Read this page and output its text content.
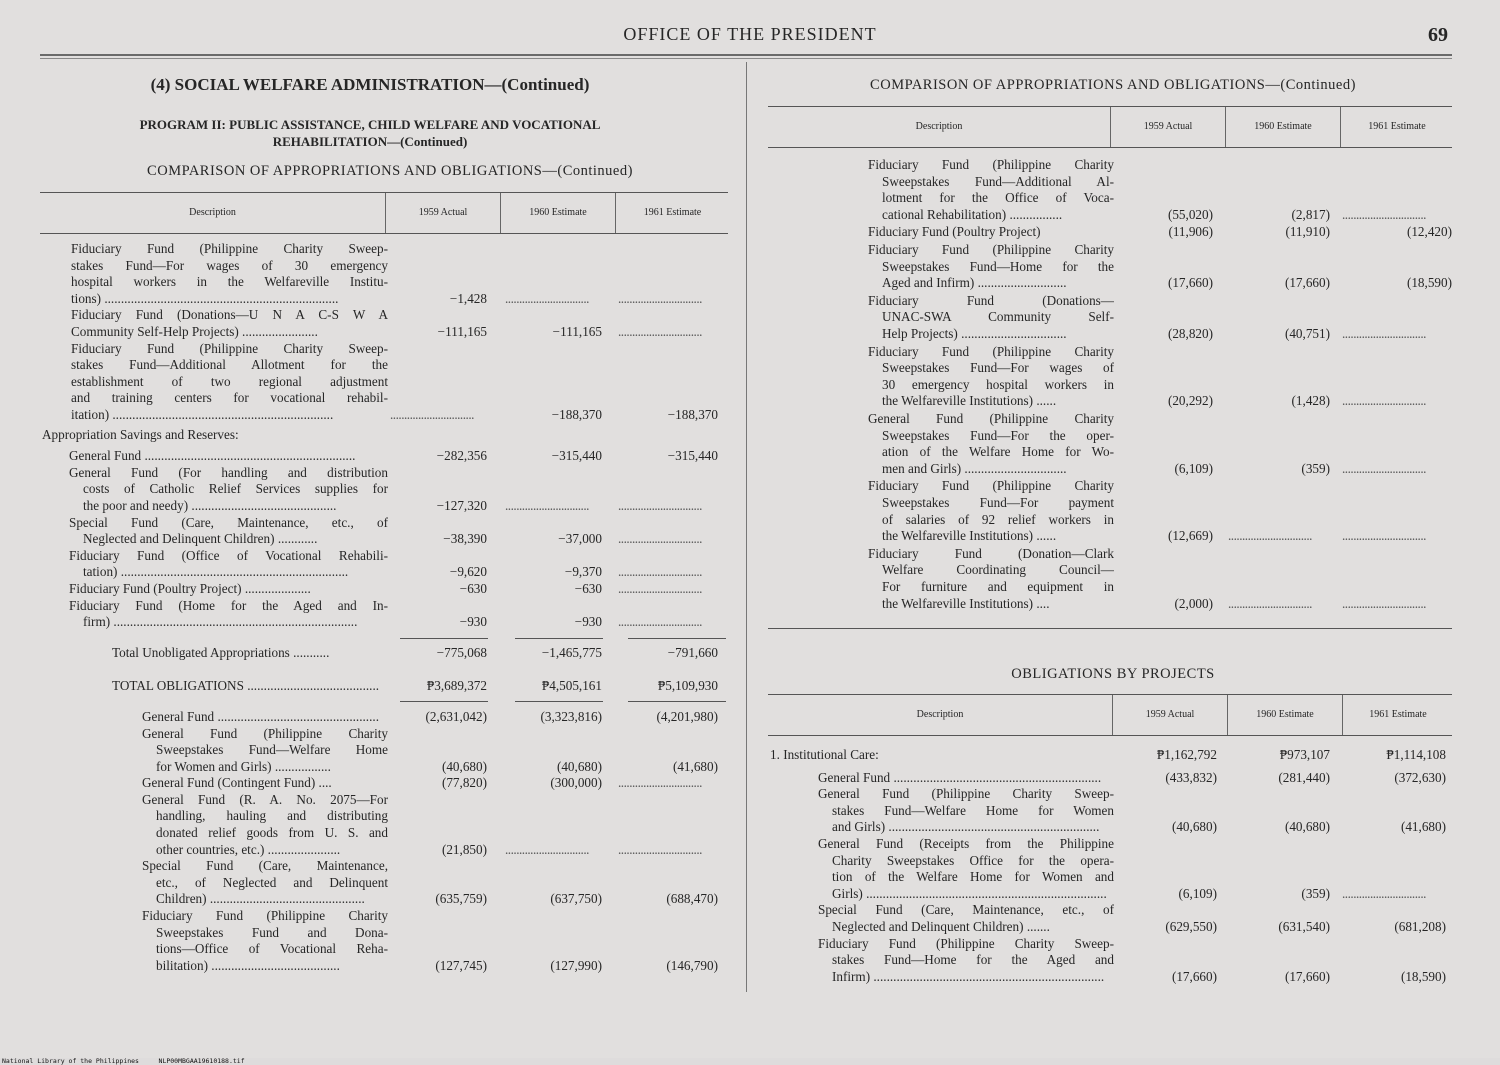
OFFICE OF THE PRESIDENT	69
(4) SOCIAL WELFARE ADMINISTRATION—(Continued)
PROGRAM II: PUBLIC ASSISTANCE, CHILD WELFARE AND VOCATIONAL
REHABILITATION—(Continued)
COMPARISON OF APPROPRIATIONS AND OBLIGATIONS—(Continued)
Description	1959 Actual	1960 Estimate	1961 Estimate
Fiduciary Fund (Philippine Charity Sweep-
stakes Fund—For wages of 30 emergency
hospital workers in the Welfareville Institu-
tions) .......................................................................	−1,428 ..............................	..............................
Fiduciary Fund (Donations—U N A C-S W A
Community Self-Help Projects) .......................	−111,165	−111,165 ..............................
Fiduciary Fund (Philippine Charity Sweep-
stakes Fund—Additional Allotment for the
establishment of two regional adjustment
and training centers for vocational rehabil-
itation) ...................................................................	..............................	−188,370	−188,370
Appropriation Savings and Reserves:
General Fund ................................................................	−282,356	−315,440	−315,440
General Fund (For handling and distribution
costs of Catholic Relief Services supplies for
the poor and needy) ............................................	−127,320 ..............................	..............................
Special Fund (Care, Maintenance, etc., of
Neglected and Delinquent Children) ............	−38,390	−37,000 ..............................
Fiduciary Fund (Office of Vocational Rehabili-
tation) .....................................................................	−9,620	−9,370 ..............................
Fiduciary Fund (Poultry Project) ....................	−630	−630 ..............................
Fiduciary Fund (Home for the Aged and In-
firm) ..........................................................................	−930	−930 ..............................
Total Unobligated Appropriations ...........	−775,068	−1,465,775	−791,660
TOTAL OBLIGATIONS ........................................	₱3,689,372	₱4,505,161	₱5,109,930
General Fund .................................................	(2,631,042)	(3,323,816)	(4,201,980)
General Fund (Philippine Charity
Sweepstakes Fund—Welfare Home
for Women and Girls) .................	(40,680)	(40,680)	(41,680)
General Fund (Contingent Fund) ....	(77,820)	(300,000) ..............................
General Fund (R. A. No. 2075—For
handling, hauling and distributing
donated relief goods from U. S. and
other countries, etc.) ......................	(21,850) ..............................	..............................
Special Fund (Care, Maintenance,
etc., of Neglected and Delinquent
Children) ...............................................	(635,759)	(637,750)	(688,470)
Fiduciary Fund (Philippine Charity
Sweepstakes Fund and Dona-
tions—Office of Vocational Reha-
bilitation) .......................................	(127,745)	(127,990)	(146,790)
COMPARISON OF APPROPRIATIONS AND OBLIGATIONS—(Continued)
Description	1959 Actual	1960 Estimate	1961 Estimate
Fiduciary Fund (Philippine Charity
Sweepstakes Fund—Additional Al-
lotment for the Office of Voca-
cational Rehabilitation) ................	(55,020)	(2,817) ..............................
Fiduciary Fund (Poultry Project)	(11,906)	(11,910)	(12,420)
Fiduciary Fund (Philippine Charity
Sweepstakes Fund—Home for the
Aged and Infirm) ...........................	(17,660)	(17,660)	(18,590)
Fiduciary Fund (Donations—
UNAC-SWA Community Self-
Help Projects) ................................	(28,820)	(40,751) ..............................
Fiduciary Fund (Philippine Charity
Sweepstakes Fund—For wages of
30 emergency hospital workers in
the Welfareville Institutions) ......	(20,292)	(1,428) ..............................
General Fund (Philippine Charity
Sweepstakes Fund—For the oper-
ation of the Welfare Home for Wo-
men and Girls) ...............................	(6,109)	(359) ..............................
Fiduciary Fund (Philippine Charity
Sweepstakes Fund—For payment
of salaries of 92 relief workers in
the Welfareville Institutions) ......	(12,669) ..............................	..............................
Fiduciary Fund (Donation—Clark
Welfare Coordinating Council—
For furniture and equipment in
the Welfareville Institutions) ....	(2,000) ..............................	..............................
OBLIGATIONS BY PROJECTS
Description	1959 Actual	1960 Estimate	1961 Estimate
1. Institutional Care:	₱1,162,792	₱973,107	₱1,114,108
General Fund ...............................................................	(433,832)	(281,440)	(372,630)
General Fund (Philippine Charity Sweep-
stakes Fund—Welfare Home for Women
and Girls) ................................................................	(40,680)	(40,680)	(41,680)
General Fund (Receipts from the Philippine
Charity Sweepstakes Office for the opera-
tion of the Welfare Home for Women and
Girls) .........................................................................	(6,109)	(359) ..............................
Special Fund (Care, Maintenance, etc., of
Neglected and Delinquent Children) .......	(629,550)	(631,540)	(681,208)
Fiduciary Fund (Philippine Charity Sweep-
stakes Fund—Home for the Aged and
Infirm) ......................................................................	(17,660)	(17,660)	(18,590)
National Library of the Philippines     NLP00MBGAA19610188.tif
